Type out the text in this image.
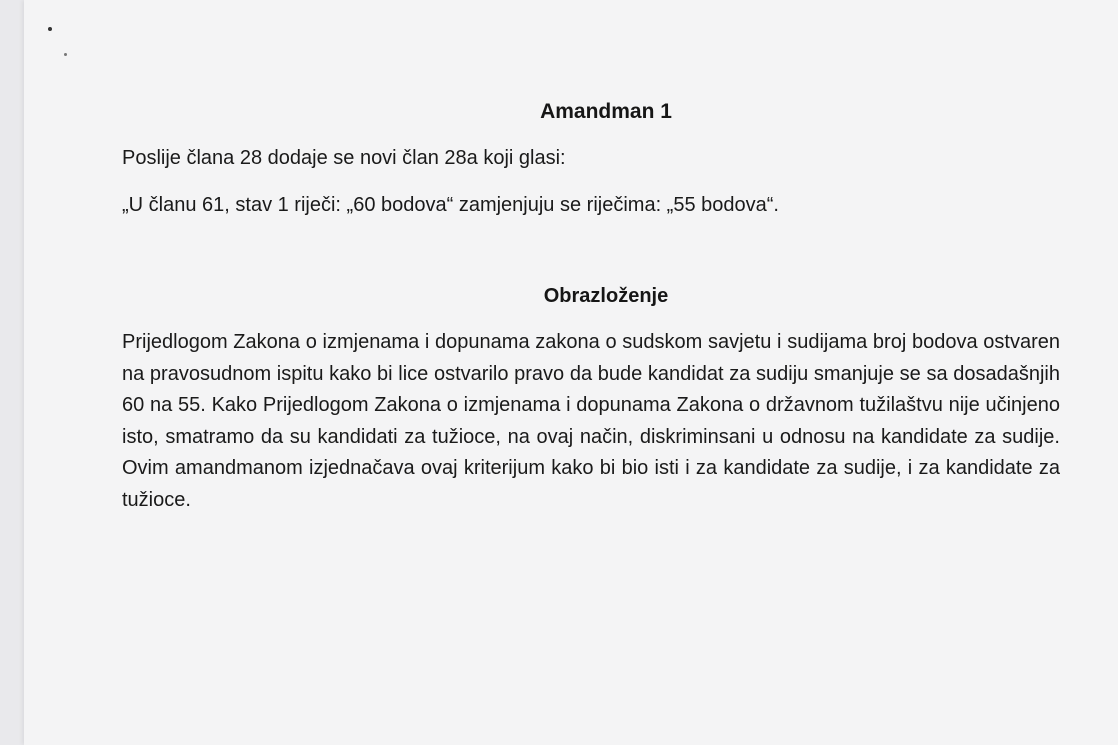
Amandman 1
Poslije člana 28 dodaje se novi član 28a koji glasi:
„U članu 61, stav 1 riječi: „60 bodova“ zamjenjuju se riječima: „55 bodova“.
Obrazloženje
Prijedlogom Zakona o izmjenama i dopunama zakona o sudskom savjetu i sudijama broj bodova ostvaren na pravosudnom ispitu kako bi lice ostvarilo pravo da bude kandidat za sudiju smanjuje se sa dosadašnjih 60 na 55. Kako Prijedlogom Zakona o izmjenama i dopunama Zakona o državnom tužilaštvu nije učinjeno isto, smatramo da su kandidati za tužioce, na ovaj način, diskriminsani u odnosu na kandidate za sudije. Ovim amandmanom izjednačava ovaj kriterijum kako bi bio isti i za kandidate za sudije, i za kandidate za tužioce.
